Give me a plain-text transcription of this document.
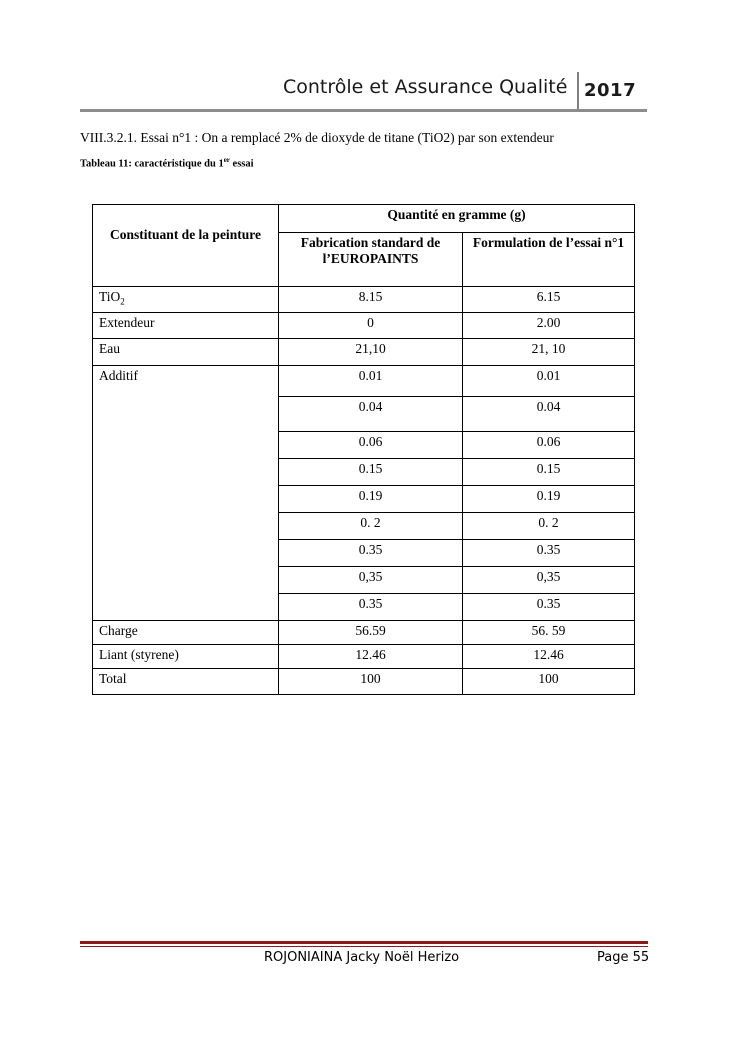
Contrôle et Assurance Qualité 2017
VIII.3.2.1. Essai n°1 : On a remplacé 2% de dioxyde de titane (TiO2) par son extendeur
Tableau 11: caractéristique du 1er essai
Constituant de la peinture	Quantité en gramme (g)	
	Fabrication standard de l’EUROPAINTS	Formulation de l’essai n°1
TiO$_2$	8.15	6.15
Extendeur	0	2.00
Eau	21,10	21, 10
Additif	0.01	0.01
	0.04	0.04
	0.06	0.06
	0.15	0.15
	0.19	0.19
	0. 2	0. 2
	0.35	0.35
	0,35	0,35
	0.35	0.35
Charge	56.59	56. 59
Liant (styrene)	12.46	12.46
Total	100	100
ROJONIAINA Jacky Noël Herizo	Page 55
